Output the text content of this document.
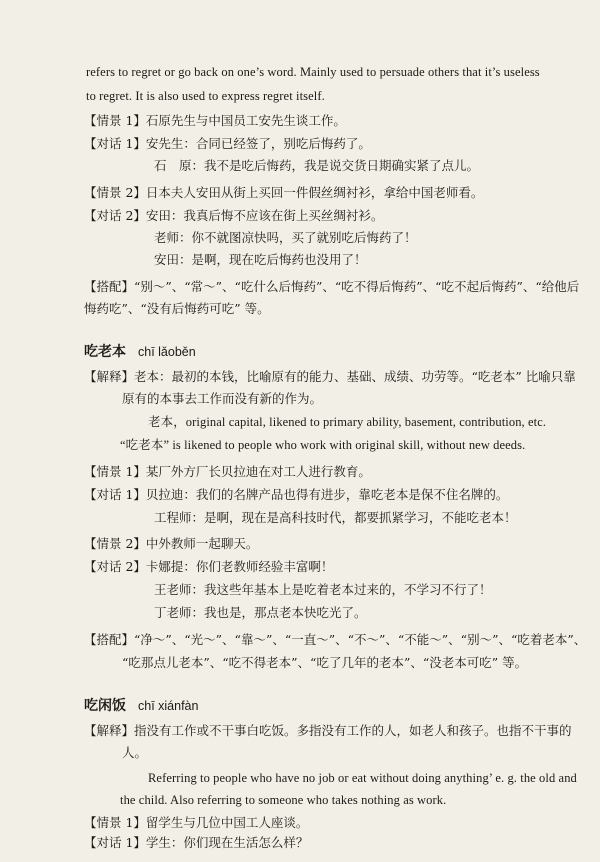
refers to regret or go back on one’s word. Mainly used to persuade others that it’s useless
to regret. It is also used to express regret itself.
【情景 1】石原先生与中国员工安先生谈工作。
【对话 1】安先生：合同已经签了，别吃后悔药了。
石　原：我不是吃后悔药，我是说交货日期确实紧了点儿。
【情景 2】日本夫人安田从街上买回一件假丝绸衬衫，拿给中国老师看。
【对话 2】安田：我真后悔不应该在街上买丝绸衬衫。
老师：你不就图凉快吗，买了就别吃后悔药了！
安田：是啊，现在吃后悔药也没用了！
【搭配】“别～”、“常～”、“吃什么后悔药”、“吃不得后悔药”、“吃不起后悔药”、“给他后
悔药吃”、“没有后悔药可吃” 等。
吃老本 chī lǎoběn
【解释】老本：最初的本钱，比喻原有的能力、基础、成绩、功劳等。“吃老本” 比喻只靠
原有的本事去工作而没有新的作为。
老本，original capital, likened to primary ability, basement, contribution, etc.
“吃老本” is likened to people who work with original skill, without new deeds.
【情景 1】某厂外方厂长贝拉迪在对工人进行教育。
【对话 1】贝拉迪：我们的名牌产品也得有进步，靠吃老本是保不住名牌的。
工程师：是啊，现在是高科技时代，都要抓紧学习，不能吃老本！
【情景 2】中外教师一起聊天。
【对话 2】卡娜提：你们老教师经验丰富啊！
王老师：我这些年基本上是吃着老本过来的，不学习不行了！
丁老师：我也是，那点老本快吃光了。
【搭配】“净～”、“光～”、“靠～”、“一直～”、“不～”、“不能～”、“别～”、“吃着老本”、
“吃那点儿老本”、“吃不得老本”、“吃了几年的老本”、“没老本可吃” 等。
吃闲饭 chī xiánfàn
【解释】指没有工作或不干事白吃饭。多指没有工作的人，如老人和孩子。也指不干事的
人。
Referring to people who have no job or eat without doing anything’ e. g. the old and
the child. Also referring to someone who takes nothing as work.
【情景 1】留学生与几位中国工人座谈。
【对话 1】学生：你们现在生活怎么样？
